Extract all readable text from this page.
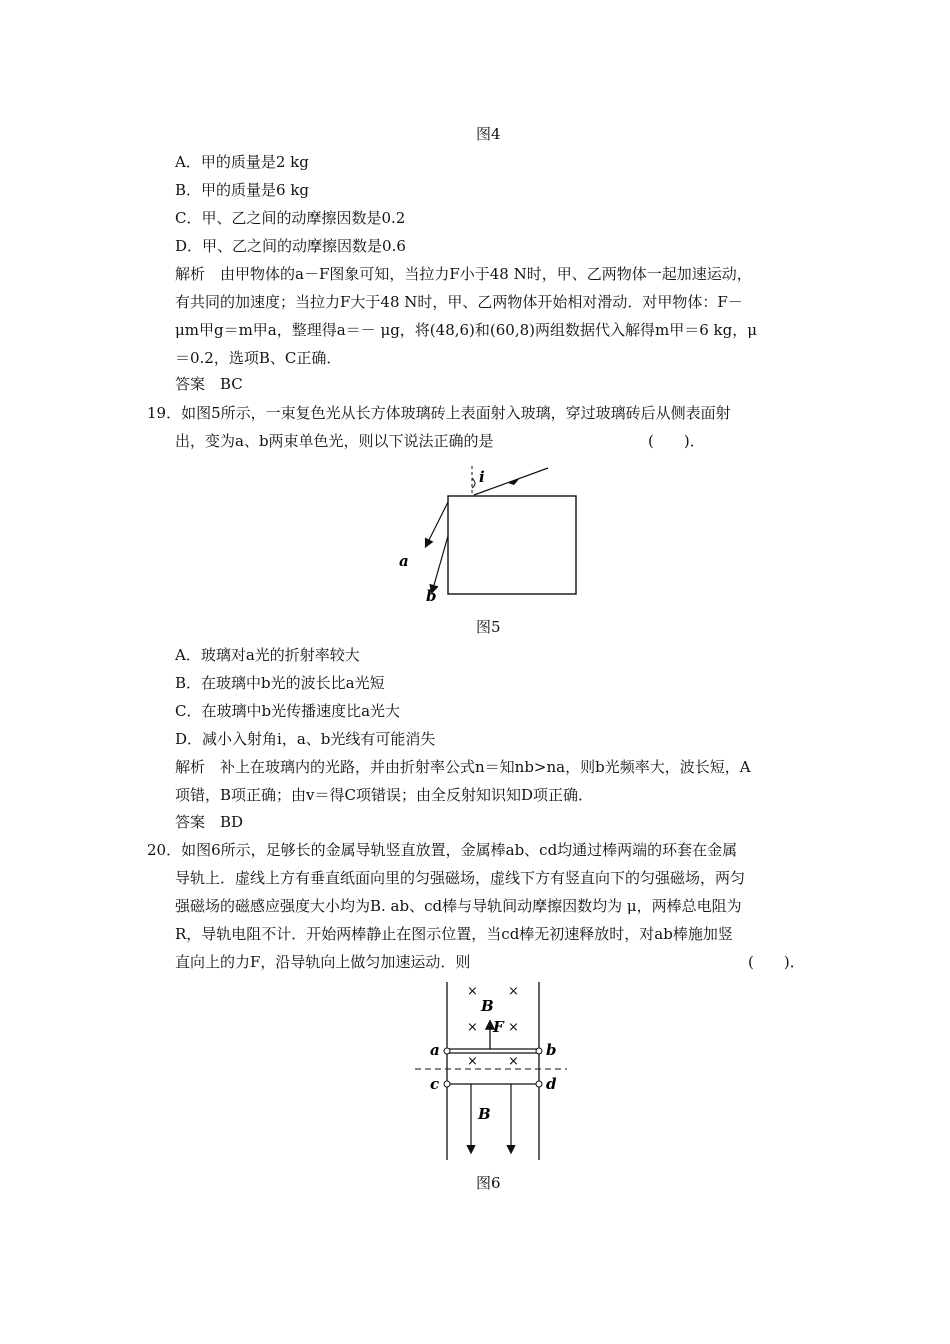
图4
A．甲的质量是2 kg
B．甲的质量是6 kg
C．甲、乙之间的动摩擦因数是0.2
D．甲、乙之间的动摩擦因数是0.6
解析　由甲物体的a－F图象可知，当拉力F小于48 N时，甲、乙两物体一起加速运动，
有共同的加速度；当拉力F大于48 N时，甲、乙两物体开始相对滑动．对甲物体：F－
μm甲g＝m甲a，整理得a＝－ μg，将(48,6)和(60,8)两组数据代入解得m甲＝6 kg，μ
＝0.2，选项B、C正确．
答案　BC
19．如图5所示，一束复色光从长方体玻璃砖上表面射入玻璃，穿过玻璃砖后从侧表面射
出，变为a、b两束单色光，则以下说法正确的是	(　　)．
i
a
b
图5
A．玻璃对a光的折射率较大
B．在玻璃中b光的波长比a光短
C．在玻璃中b光传播速度比a光大
D．减小入射角i，a、b光线有可能消失
解析　补上在玻璃内的光路，并由折射率公式n＝知nb>na，则b光频率大，波长短，A
项错，B项正确；由v＝得C项错误；由全反射知识知D项正确．
答案　BD
20．如图6所示，足够长的金属导轨竖直放置，金属棒ab、cd均通过棒两端的环套在金属
导轨上．虚线上方有垂直纸面向里的匀强磁场，虚线下方有竖直向下的匀强磁场，两匀
强磁场的磁感应强度大小均为B. ab、cd棒与导轨间动摩擦因数均为 μ，两棒总电阻为
R，导轨电阻不计．开始两棒静止在图示位置，当cd棒无初速释放时，对ab棒施加竖
直向上的力F，沿导轨向上做匀加速运动．则	(　　)．
× ×
× ×
× ×
B
F
a	b
c	d
B
图6
